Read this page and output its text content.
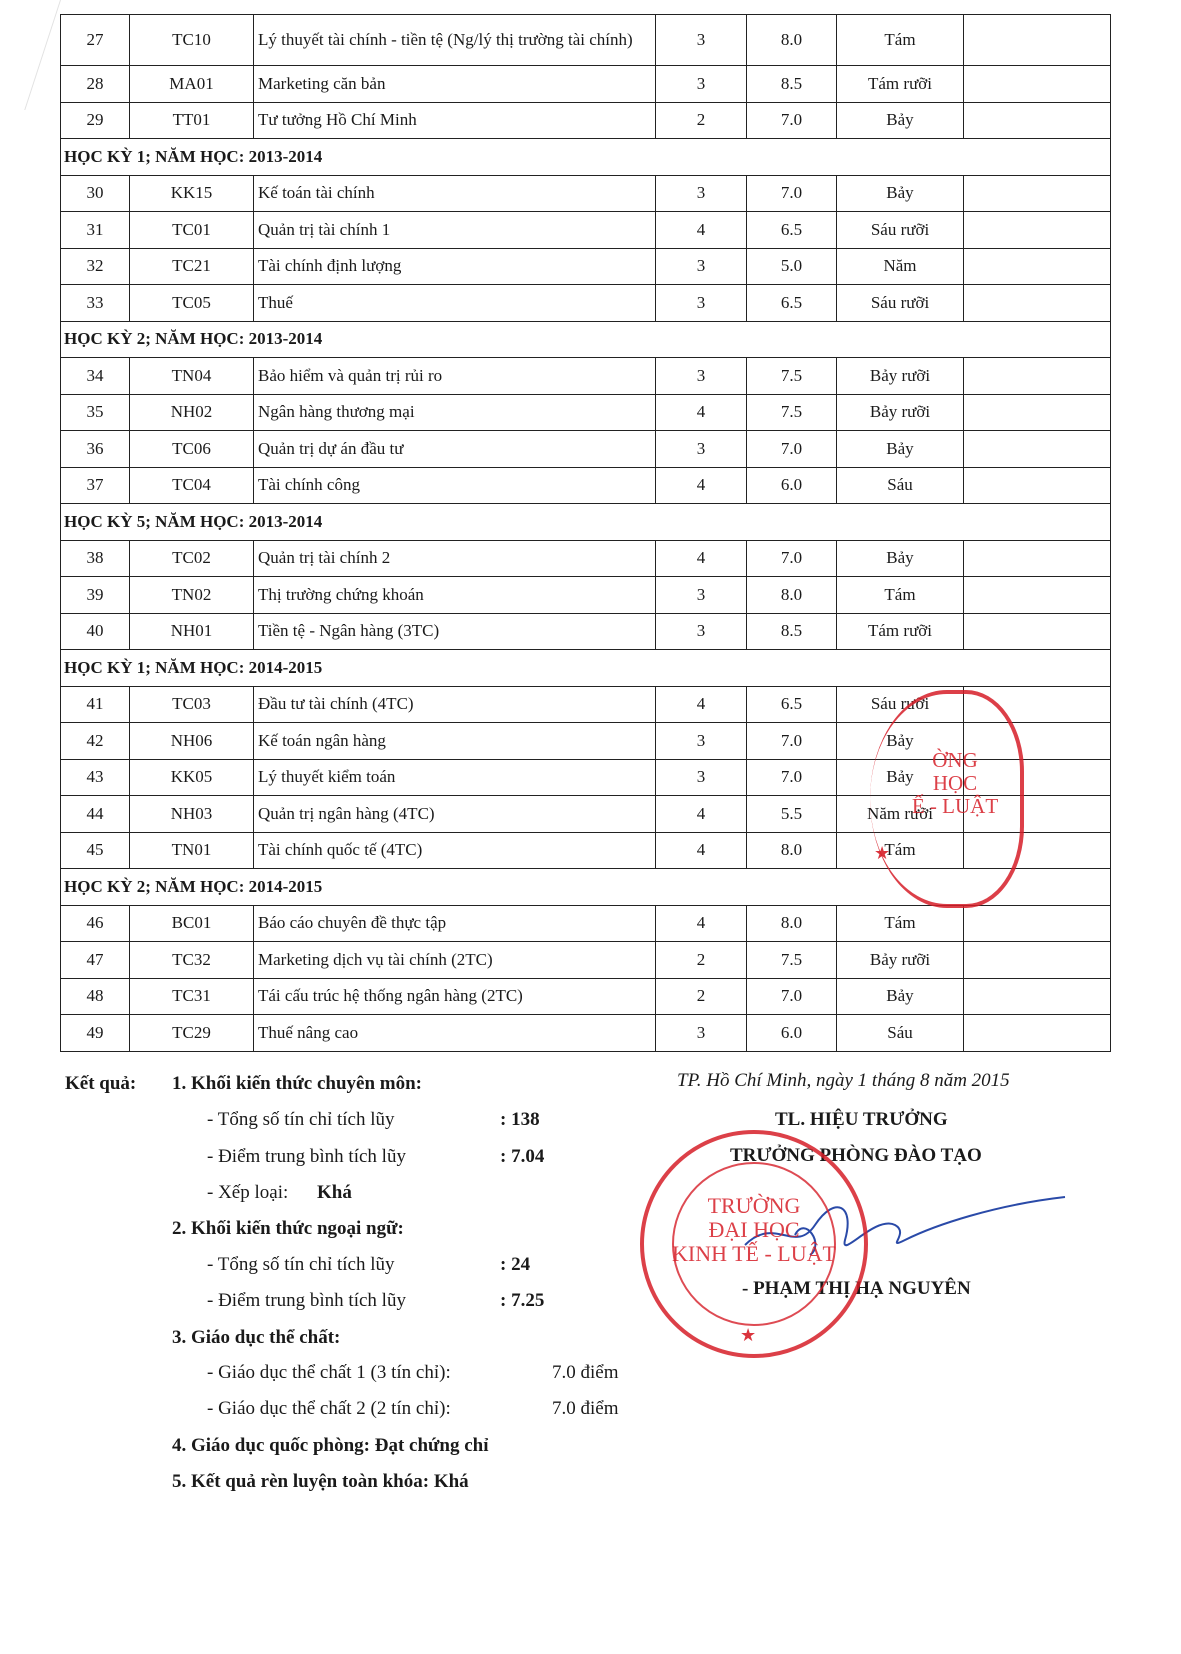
27	TC10	Lý thuyết tài chính - tiền tệ (Ng/lý thị trường tài chính)	3	8.0	Tám	
28	MA01	Marketing căn bản	3	8.5	Tám rưỡi	
29	TT01	Tư tưởng Hồ Chí Minh	2	7.0	Bảy	
HỌC KỲ 1; NĂM HỌC: 2013-2014						
30	KK15	Kế toán tài chính	3	7.0	Bảy	
31	TC01	Quản trị tài chính 1	4	6.5	Sáu rưỡi	
32	TC21	Tài chính định lượng	3	5.0	Năm	
33	TC05	Thuế	3	6.5	Sáu rưỡi	
HỌC KỲ 2; NĂM HỌC: 2013-2014						
34	TN04	Bảo hiểm và quản trị rủi ro	3	7.5	Bảy rưỡi	
35	NH02	Ngân hàng thương mại	4	7.5	Bảy rưỡi	
36	TC06	Quản trị dự án đầu tư	3	7.0	Bảy	
37	TC04	Tài chính công	4	6.0	Sáu	
HỌC KỲ 5; NĂM HỌC: 2013-2014						
38	TC02	Quản trị tài chính 2	4	7.0	Bảy	
39	TN02	Thị trường chứng khoán	3	8.0	Tám	
40	NH01	Tiền tệ - Ngân hàng (3TC)	3	8.5	Tám rưỡi	
HỌC KỲ 1; NĂM HỌC: 2014-2015						
41	TC03	Đầu tư tài chính (4TC)	4	6.5	Sáu rưỡi	
42	NH06	Kế toán ngân hàng	3	7.0	Bảy	
43	KK05	Lý thuyết kiểm toán	3	7.0	Bảy	
44	NH03	Quản trị ngân hàng (4TC)	4	5.5	Năm rưỡi	
45	TN01	Tài chính quốc tế (4TC)	4	8.0	Tám	
HỌC KỲ 2; NĂM HỌC: 2014-2015						
46	BC01	Báo cáo chuyên đề thực tập	4	8.0	Tám	
47	TC32	Marketing dịch vụ tài chính (2TC)	2	7.5	Bảy rưỡi	
48	TC31	Tái cấu trúc hệ thống ngân hàng (2TC)	2	7.0	Bảy	
49	TC29	Thuế nâng cao	3	6.0	Sáu	
Kết quả: 1. Khối kiến thức chuyên môn:
- Tổng số tín chỉ tích lũy	: 138
- Điểm trung bình tích lũy	: 7.04
- Xếp loại: Khá
2. Khối kiến thức ngoại ngữ:
- Tổng số tín chỉ tích lũy	: 24
- Điểm trung bình tích lũy	: 7.25
3. Giáo dục thể chất:
- Giáo dục thể chất 1 (3 tín chỉ):	7.0 điểm
- Giáo dục thể chất 2 (2 tín chỉ):	7.0 điểm
4. Giáo dục quốc phòng: Đạt chứng chỉ
5. Kết quả rèn luyện toàn khóa: Khá
ỜNG
HỌC
Ế - LUẬT
★
TP. Hồ Chí Minh, ngày 1 tháng 8 năm 2015
TL. HIỆU TRƯỞNG
TRƯỞNG PHÒNG ĐÀO TẠO
- PHẠM THỊ HẠ NGUYÊN
TRƯỜNG
ĐẠI HỌC
KINH TẾ - LUẬT
★
